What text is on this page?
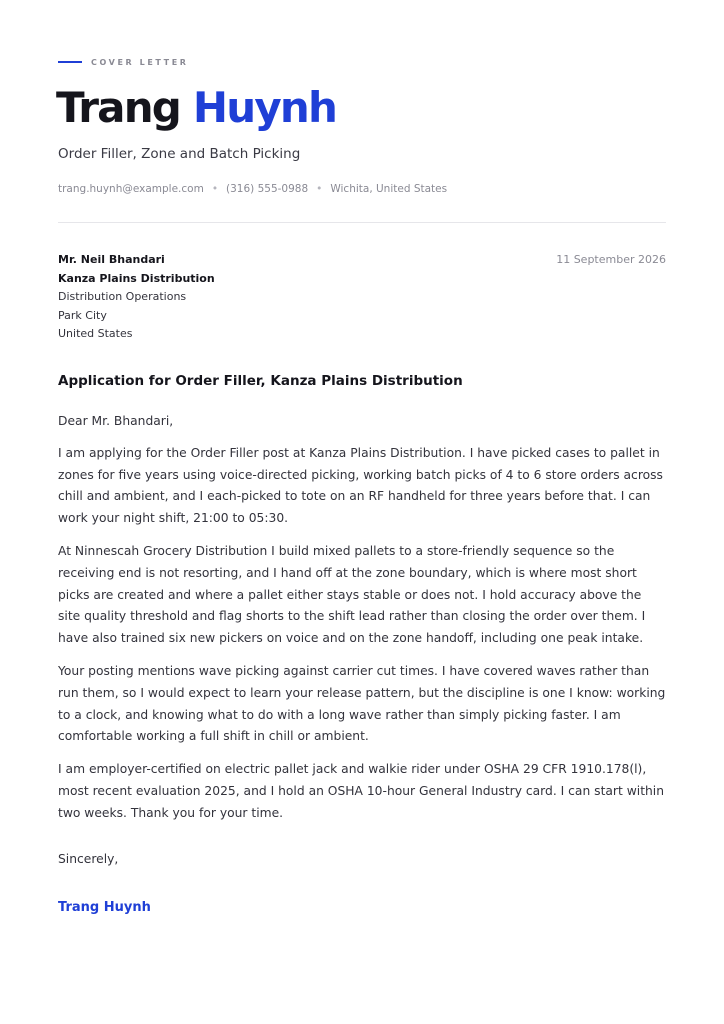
COVER LETTER
Trang Huynh
Order Filler, Zone and Batch Picking
trang.huynh@example.com • (316) 555-0988 • Wichita, United States
Mr. Neil Bhandari
Kanza Plains Distribution
Distribution Operations
Park City
United States
11 September 2026
Application for Order Filler, Kanza Plains Distribution

Dear Mr. Bhandari,

I am applying for the Order Filler post at Kanza Plains Distribution. I have picked cases to pallet in zones for five years using voice-directed picking, working batch picks of 4 to 6 store orders across chill and ambient, and I each-picked to tote on an RF handheld for three years before that. I can work your night shift, 21:00 to 05:30.

At Ninnescah Grocery Distribution I build mixed pallets to a store-friendly sequence so the receiving end is not resorting, and I hand off at the zone boundary, which is where most short picks are created and where a pallet either stays stable or does not. I hold accuracy above the site quality threshold and flag shorts to the shift lead rather than closing the order over them. I have also trained six new pickers on voice and on the zone handoff, including one peak intake.

Your posting mentions wave picking against carrier cut times. I have covered waves rather than run them, so I would expect to learn your release pattern, but the discipline is one I know: working to a clock, and knowing what to do with a long wave rather than simply picking faster. I am comfortable working a full shift in chill or ambient.

I am employer-certified on electric pallet jack and walkie rider under OSHA 29 CFR 1910.178(l), most recent evaluation 2025, and I hold an OSHA 10-hour General Industry card. I can start within two weeks. Thank you for your time.

Sincerely,
Trang Huynh
